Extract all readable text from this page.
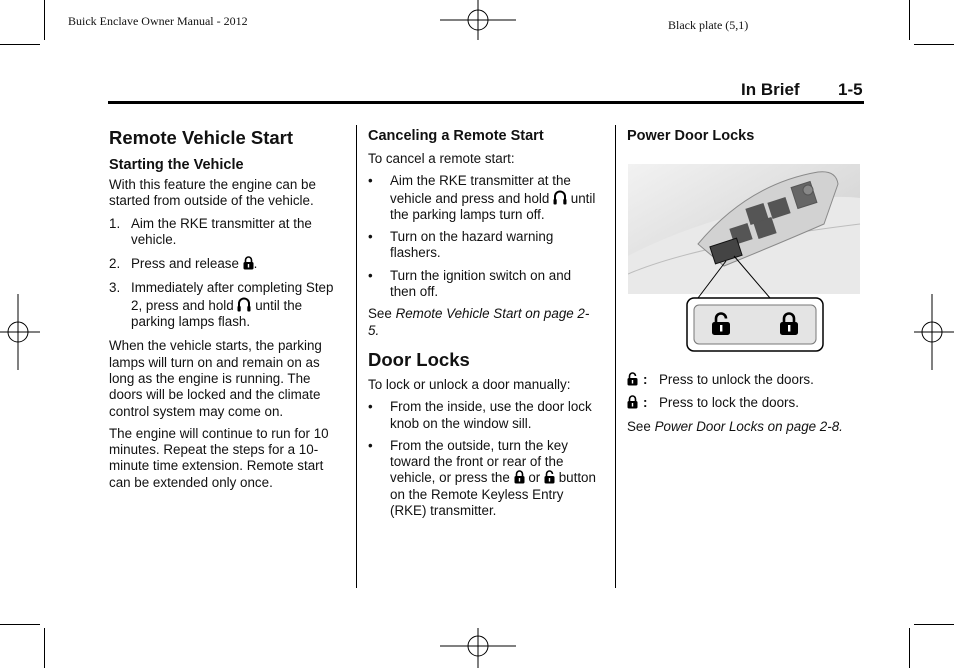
Buick Enclave Owner Manual - 2012	Black plate (5,1)
In Brief 1-5
Remote Vehicle Start
Starting the Vehicle

With this feature the engine can be started from outside of the vehicle.

1. Aim the RKE transmitter at the vehicle.
2. Press and release .
3. Immediately after completing Step 2, press and hold until the parking lamps flash.

When the vehicle starts, the parking lamps will turn on and remain on as long as the engine is running. The doors will be locked and the climate control system may come on.

The engine will continue to run for 10 minutes. Repeat the steps for a 10-minute time extension. Remote start can be extended only once.

Canceling a Remote Start

To cancel a remote start:

• Aim the RKE transmitter at the vehicle and press and hold until the parking lamps turn off.
• Turn on the hazard warning flashers.
• Turn the ignition switch on and then off.

See Remote Vehicle Start on page 2-5.

Door Locks

To lock or unlock a door manually:

• From the inside, use the door lock knob on the window sill.
• From the outside, turn the key toward the front or rear of the vehicle, or press the or button on the Remote Keyless Entry (RKE) transmitter.
Power Door Locks
: Press to unlock the doors.
: Press to lock the doors.

See Power Door Locks on page 2-8.
